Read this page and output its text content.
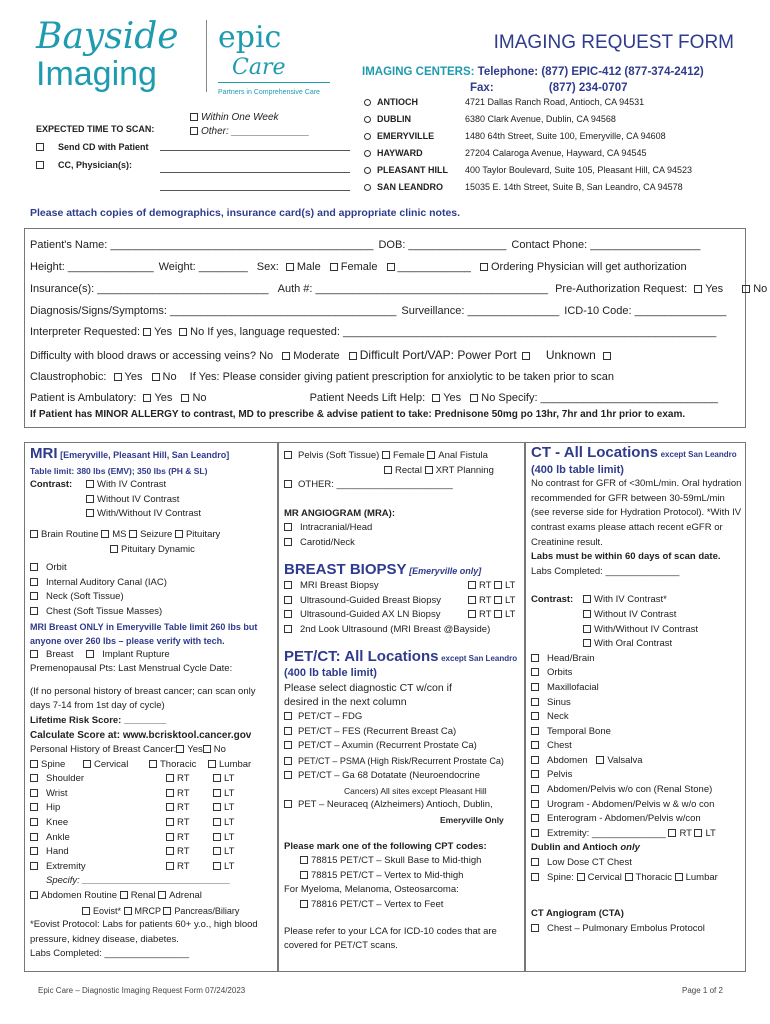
Bayside
Imaging
epic Care
Partners in Comprehensive Care
IMAGING REQUEST FORM
IMAGING CENTERS: Telephone: (877) EPIC-412 (877-374-2412)
Fax:	(877) 234-0707
ANTIOCH	4721 Dallas Ranch Road, Antioch, CA 94531
DUBLIN	6380 Clark Avenue, Dublin, CA 94568
EMERYVILLE	1480 64th Street, Suite 100, Emeryville, CA 94608
HAYWARD	27204 Calaroga Avenue, Hayward, CA 94545
PLEASANT HILL 400 Taylor Boulevard, Suite 105, Pleasant Hill, CA 94523
SAN LEANDRO 15035 E. 14th Street, Suite B, San Leandro, CA 94578
Within One Week
Other: ______________
EXPECTED TIME TO SCAN:
Send CD with Patient
CC, Physician(s):
Please attach copies of demographics, insurance card(s) and appropriate clinic notes.
Patient's Name: ___________________________________________ DOB: ________________ Contact Phone: __________________
Height: ______________ Weight: ________ Sex: Male Female ____________ Ordering Physician will get authorization
Insurance(s): ____________________________ Auth #: ______________________________________ Pre-Authorization Request: Yes	No
Diagnosis/Signs/Symptoms: _____________________________________ Surveillance: _______________ ICD-10 Code: _______________
Interpreter Requested: Yes No If yes, language requested: _____________________________________________________________
Difficulty with blood draws or accessing veins? No Moderate Difficult Port/VAP: Power Port Unknown
Claustrophobic: Yes No If Yes: Please consider giving patient prescription for anxiolytic to be taken prior to scan
Patient is Ambulatory: Yes No	Patient Needs Lift Help: Yes No Specify: _____________________________
If Patient has MINOR ALLERGY to contrast, MD to prescribe & advise patient to take: Prednisone 50mg po 13hr, 7hr and 1hr prior to exam.
MRI [Emeryville, Pleasant Hill, San Leandro]
Table limit: 380 lbs (EMV); 350 lbs (PH & SL)
Contrast:	With IV Contrast
Without IV Contrast
With/Without IV Contrast
Brain Routine MS Seizure Pituitary
Pituitary Dynamic
Orbit
Internal Auditory Canal (IAC)
Neck (Soft Tissue)
Chest (Soft Tissue Masses)
MRI Breast ONLY in Emeryville Table limit 260 lbs but anyone over 260 lbs – please verify with tech.
Breast	Implant Rupture
Premenopausal Pts: Last Menstrual Cycle Date:
(If no personal history of breast cancer; can scan only days 7-14 from 1st day of cycle)
Lifetime Risk Score: ________
Calculate Score at: www.bcrisktool.cancer.gov
Personal History of Breast Cancer: Yes No
Spine	Cervical	Thoracic Lumbar
Shoulder	RT	LT
Wrist	RT	LT
Hip	RT	LT
Knee	RT	LT
Ankle	RT	LT
Hand	RT	LT
Extremity	RT	LT
Specify: ____________________________
Abdomen Routine Renal Adrenal
Eovist* MRCP Pancreas/Biliary
*Eovist Protocol: Labs for patients 60+ y.o., high blood pressure, kidney disease, diabetes.
Labs Completed: ________________
Pelvis (Soft Tissue) Female Anal Fistula
Rectal XRT Planning
OTHER: ______________________
MR ANGIOGRAM (MRA):
Intracranial/Head
Carotid/Neck
BREAST BIOPSY [Emeryville only]
MRI Breast Biopsy	RT LT
Ultrasound-Guided Breast Biopsy	RT LT
Ultrasound-Guided AX LN Biopsy	RT LT
2nd Look Ultrasound (MRI Breast @Bayside)
PET/CT: All Locations except San Leandro
(400 lb table limit)
Please select diagnostic CT w/con if desired in the next column
PET/CT – FDG
PET/CT – FES (Recurrent Breast Ca)
PET/CT – Axumin (Recurrent Prostate Ca)
PET/CT – PSMA (High Risk/Recurrent Prostate Ca)
PET/CT – Ga 68 Dotatate (Neuroendocrine
Cancers) All sites except Pleasant Hill
PET – Neuraceq (Alzheimers) Antioch, Dublin,
Emeryville Only
Please mark one of the following CPT codes:
78815 PET/CT – Skull Base to Mid-thigh
78815 PET/CT – Vertex to Mid-thigh
For Myeloma, Melanoma, Osteosarcoma:
78816 PET/CT – Vertex to Feet
Please refer to your LCA for ICD-10 codes that are covered for PET/CT scans.
CT - All Locations except San Leandro
(400 lb table limit)
No contrast for GFR of <30mL/min. Oral hydration recommended for GFR between 30-59mL/min (see reverse side for Hydration Protocol). *With IV contrast exams please attach recent eGFR or Creatinine result.
Labs must be within 60 days of scan date.
Labs Completed: ______________
Contrast: With IV Contrast*
Without IV Contrast
With/Without IV Contrast
With Oral Contrast
Head/Brain
Orbits
Maxillofacial
Sinus
Neck
Temporal Bone
Chest
Abdomen Valsalva
Pelvis
Abdomen/Pelvis w/o con (Renal Stone)
Urogram - Abdomen/Pelvis w & w/o con
Enterogram - Abdomen/Pelvis w/con
Extremity: ______________ RT LT
Dublin and Antioch only
Low Dose CT Chest
Spine: Cervical Thoracic Lumbar
CT Angiogram (CTA)
Chest – Pulmonary Embolus Protocol
Epic Care – Diagnostic Imaging Request Form 07/24/2023	Page 1 of 2
